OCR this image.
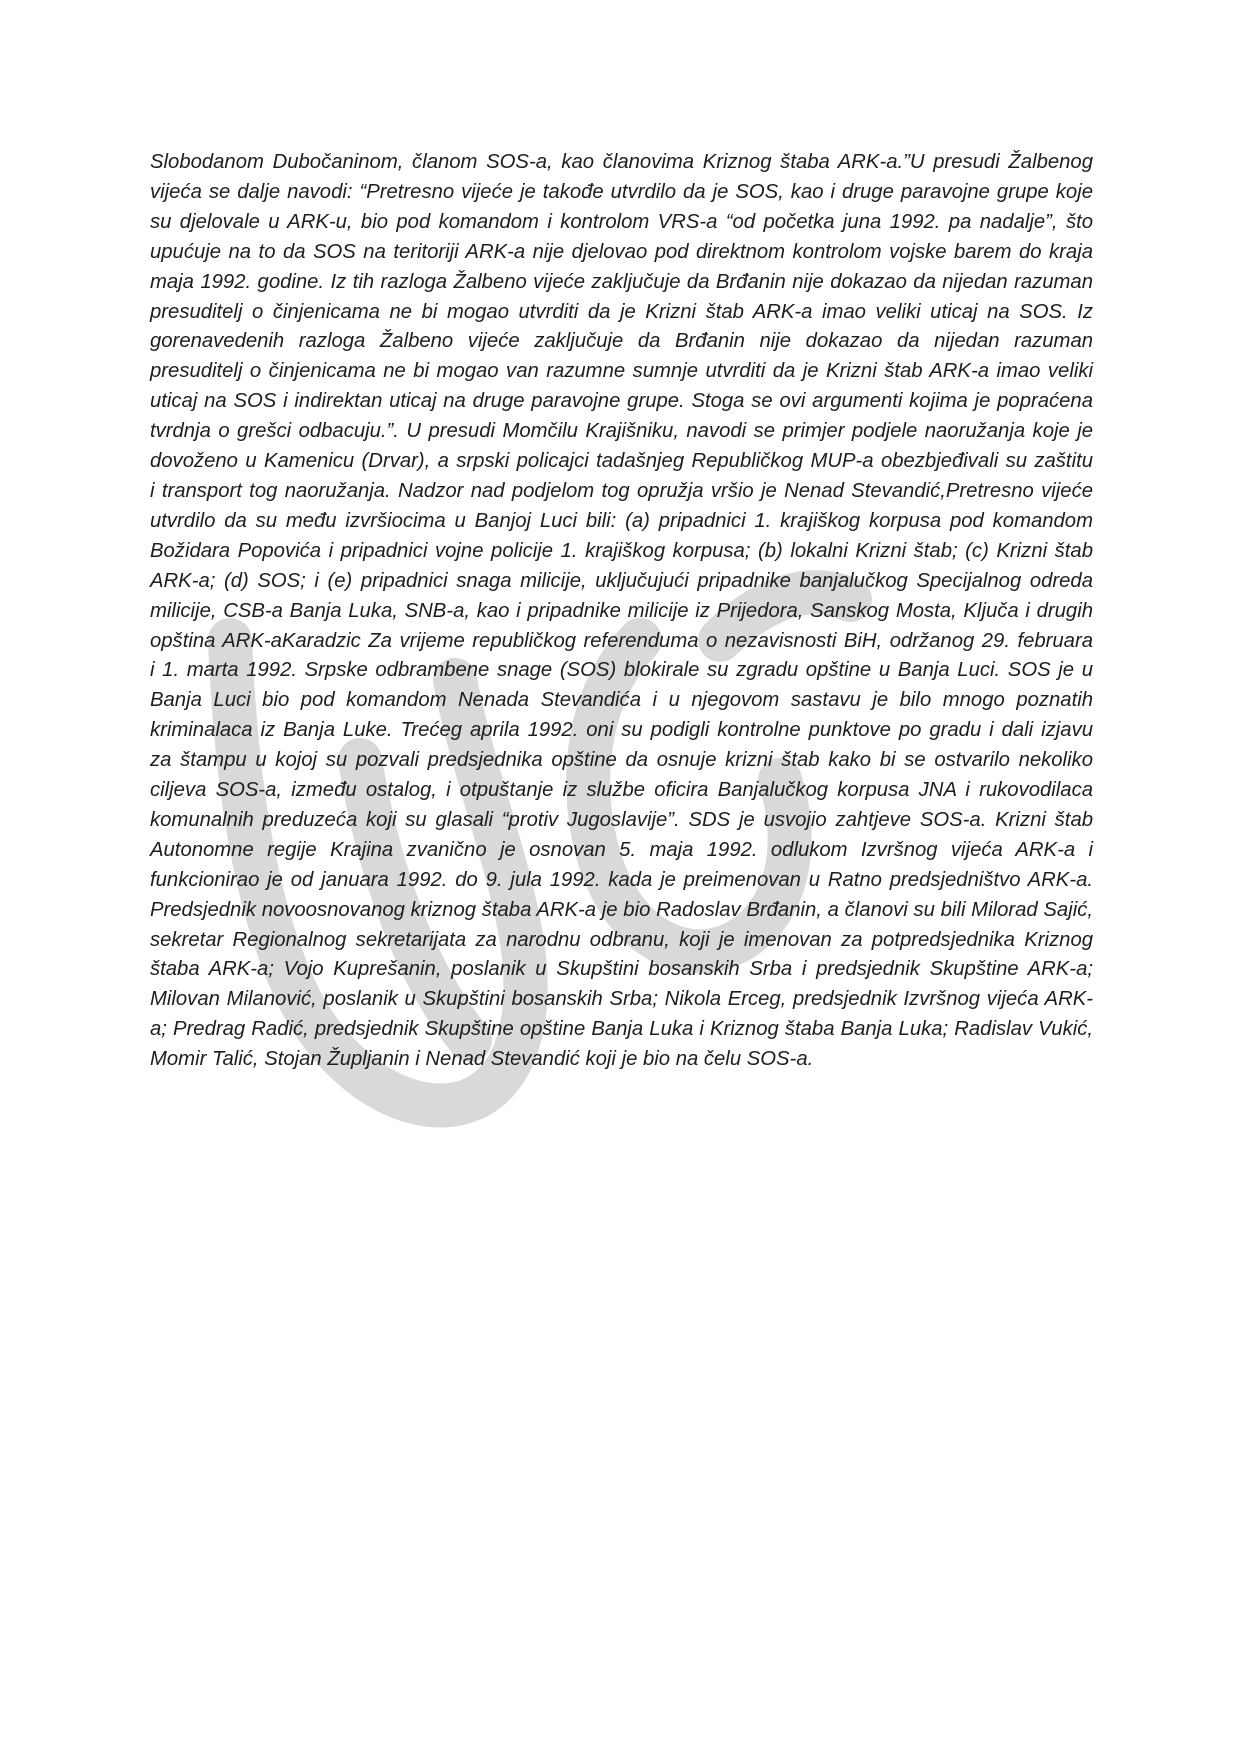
Slobodanom Dubočaninom, članom SOS-a, kao članovima Kriznog štaba ARK-a.”U presudi Žalbenog
vijeća se dalje navodi: “Pretresno vijeće je takođe utvrdilo da je SOS, kao i druge paravojne grupe koje
su djelovale u ARK-u, bio pod komandom i kontrolom VRS-a “od početka juna 1992. pa nadalje”, što
upućuje na to da SOS na teritoriji ARK-a nije djelovao pod direktnom kontrolom vojske barem do kraja
maja 1992. godine. Iz tih razloga Žalbeno vijeće zaključuje da Brđanin nije dokazao da nijedan razuman
presuditelj o činjenicama ne bi mogao utvrditi da je Krizni štab ARK-a imao veliki uticaj na SOS. Iz
gorenavedenih razloga Žalbeno vijeće zaključuje da Brđanin nije dokazao da nijedan razuman
presuditelj o činjenicama ne bi mogao van razumne sumnje utvrditi da je Krizni štab ARK-a imao veliki
uticaj na SOS i indirektan uticaj na druge paravojne grupe. Stoga se ovi argumenti kojima je popraćena
tvrdnja o grešci odbacuju.”. U presudi Momčilu Krajišniku, navodi se primjer podjele naoružanja koje je
dovoženo u Kamenicu (Drvar), a srpski policajci tadašnjeg Republičkog MUP-a obezbjeđivali su zaštitu
i transport tog naoružanja. Nadzor nad podjelom tog opružja vršio je Nenad Stevandić,Pretresno vijeće
utvrdilo da su među izvršiocima u Banjoj Luci bili: (a) pripadnici 1. krajiškog korpusa pod komandom
Božidara Popovića i pripadnici vojne policije 1. krajiškog korpusa; (b) lokalni Krizni štab; (c) Krizni štab
ARK-a; (d) SOS; i (e) pripadnici snaga milicije, uključujući pripadnike banjalučkog Specijalnog odreda
milicije, CSB-a Banja Luka, SNB-a, kao i pripadnike milicije iz Prijedora, Sanskog Mosta, Ključa i drugih
opština ARK-aKaradzic Za vrijeme republičkog referenduma o nezavisnosti BiH, održanog 29. februara
i 1. marta 1992. Srpske odbrambene snage (SOS) blokirale su zgradu opštine u Banja Luci. SOS je u
Banja Luci bio pod komandom Nenada Stevandića i u njegovom sastavu je bilo mnogo poznatih
kriminalaca iz Banja Luke. Trećeg aprila 1992. oni su podigli kontrolne punktove po gradu i dali izjavu
za štampu u kojoj su pozvali predsjednika opštine da osnuje krizni štab kako bi se ostvarilo nekoliko
ciljeva SOS-a, između ostalog, i otpuštanje iz službe oficira Banjalučkog korpusa JNA i rukovodilaca
komunalnih preduzeća koji su glasali “protiv Jugoslavije”. SDS je usvojio zahtjeve SOS-a. Krizni štab
Autonomne regije Krajina zvanično je osnovan 5. maja 1992. odlukom Izvršnog vijeća ARK-a i
funkcionirao je od januara 1992. do 9. jula 1992. kada je preimenovan u Ratno predsjedništvo ARK-a.
Predsjednik novoosnovanog kriznog štaba ARK-a je bio Radoslav Brđanin, a članovi su bili Milorad Sajić,
sekretar Regionalnog sekretarijata za narodnu odbranu, koji je imenovan za potpredsjednika Kriznog
štaba ARK-a; Vojo Kuprešanin, poslanik u Skupštini bosanskih Srba i predsjednik Skupštine ARK-a;
Milovan Milanović, poslanik u Skupštini bosanskih Srba; Nikola Erceg, predsjednik Izvršnog vijeća ARK-
a; Predrag Radić, predsjednik Skupštine opštine Banja Luka i Kriznog štaba Banja Luka; Radislav Vukić,
Momir Talić, Stojan Župljanin i Nenad Stevandić koji je bio na čelu SOS-a.
